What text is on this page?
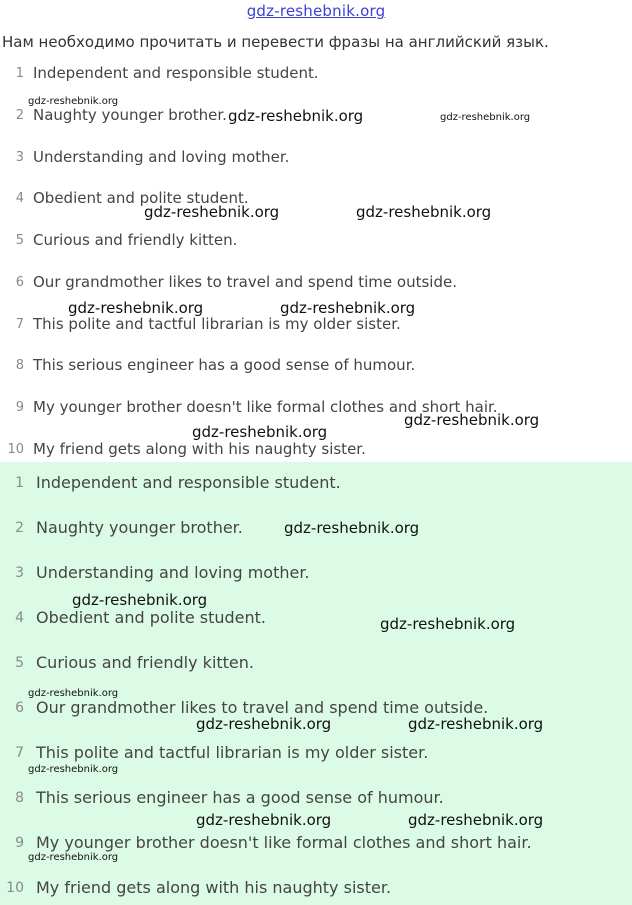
gdz-reshebnik.org
Нам необходимо прочитать и перевести фразы на английский язык.
1 Independent and responsible student.
2 Naughty younger brother.
3 Understanding and loving mother.
4 Obedient and polite student.
5 Curious and friendly kitten.
6 Our grandmother likes to travel and spend time outside.
7 This polite and tactful librarian is my older sister.
8 This serious engineer has a good sense of humour.
9 My younger brother doesn't like formal clothes and short hair.
10 My friend gets along with his naughty sister.
1 Independent and responsible student.
2 Naughty younger brother.
3 Understanding and loving mother.
4 Obedient and polite student.
5 Curious and friendly kitten.
6 Our grandmother likes to travel and spend time outside.
7 This polite and tactful librarian is my older sister.
8 This serious engineer has a good sense of humour.
9 My younger brother doesn't like formal clothes and short hair.
10 My friend gets along with his naughty sister.
gdz-reshebnik.org
gdz-reshebnik.org	gdz-reshebnik.org
gdz-reshebnik.org	gdz-reshebnik.org
gdz-reshebnik.org	gdz-reshebnik.org
gdz-reshebnik.org
gdz-reshebnik.org
gdz-reshebnik.org
gdz-reshebnik.org
gdz-reshebnik.org
gdz-reshebnik.org
gdz-reshebnik.org	gdz-reshebnik.org
gdz-reshebnik.org
gdz-reshebnik.org	gdz-reshebnik.org
gdz-reshebnik.org
